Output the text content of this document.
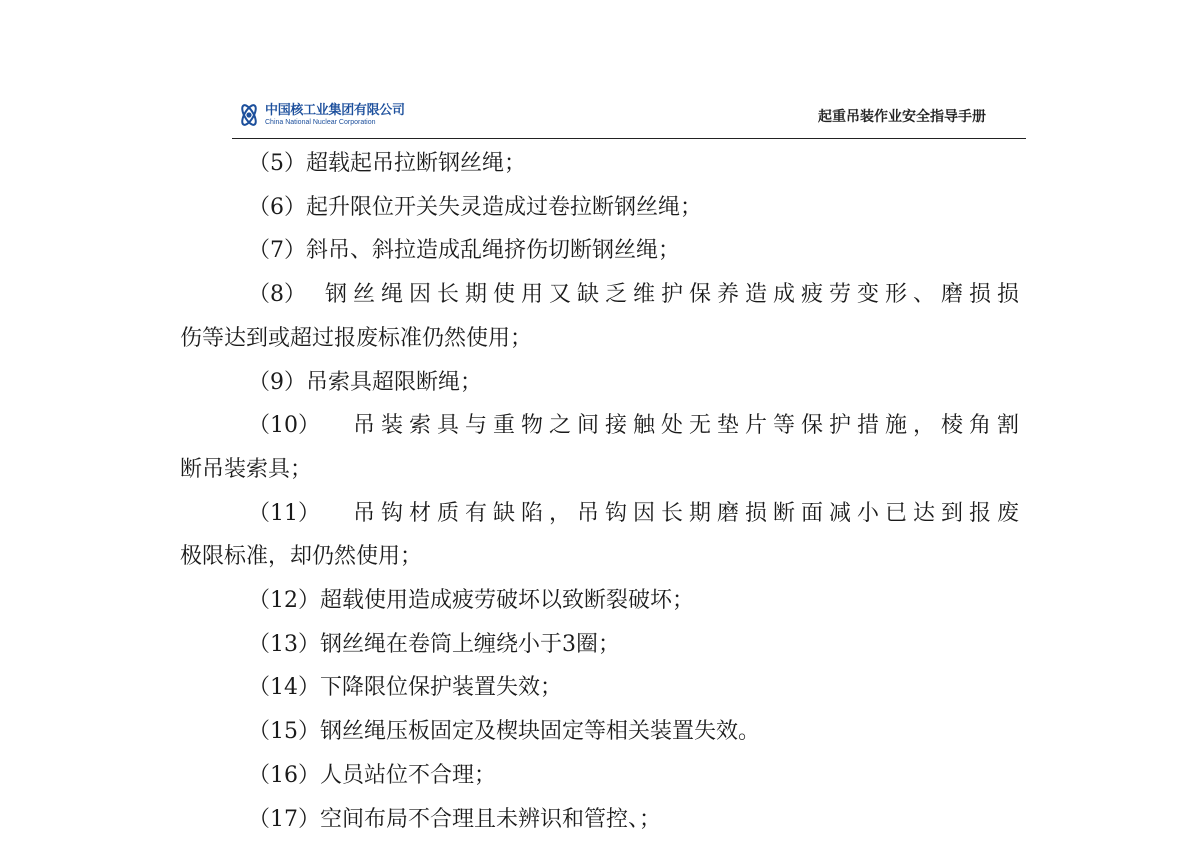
中国核工业集团有限公司
China National Nuclear Corporation	起重吊装作业安全指导手册

（5）超载起吊拉断钢丝绳；

（6）起升限位开关失灵造成过卷拉断钢丝绳；

（7）斜吊、斜拉造成乱绳挤伤切断钢丝绳；

（8） 钢丝绳因长期使用又缺乏维护保养造成疲劳变形、磨损损

伤等达到或超过报废标准仍然使用；

（9）吊索具超限断绳；

（10） 吊装索具与重物之间接触处无垫片等保护措施，棱角割

断吊装索具；

（11） 吊钩材质有缺陷，吊钩因长期磨损断面减小已达到报废

极限标准，却仍然使用；

（12）超载使用造成疲劳破坏以致断裂破坏；

（13）钢丝绳在卷筒上缠绕小于3圈；

（14）下降限位保护装置失效；

（15）钢丝绳压板固定及楔块固定等相关装置失效。

（16）人员站位不合理；

（17）空间布局不合理且未辨识和管控、；
